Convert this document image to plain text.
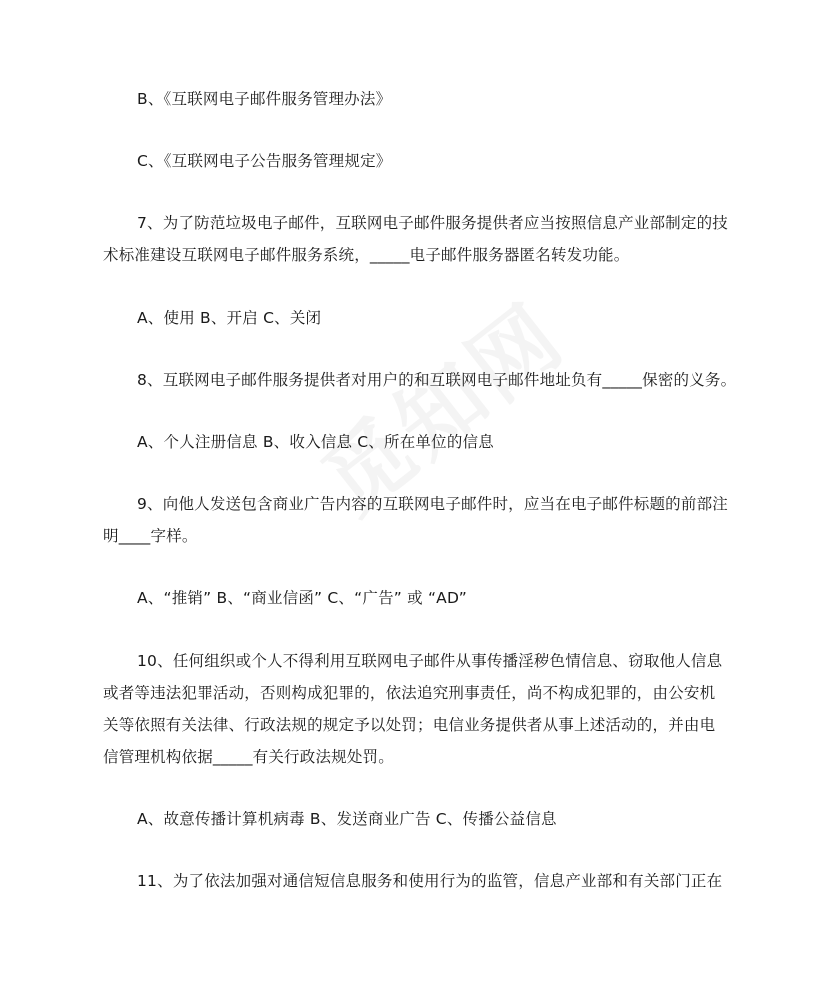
B、《互联网电子邮件服务管理办法》
C、《互联网电子公告服务管理规定》
7、为了防范垃圾电子邮件，互联网电子邮件服务提供者应当按照信息产业部制定的技
术标准建设互联网电子邮件服务系统，_____电子邮件服务器匿名转发功能。
A、使用 B、开启 C、关闭
8、互联网电子邮件服务提供者对用户的和互联网电子邮件地址负有_____保密的义务。
A、个人注册信息 B、收入信息 C、所在单位的信息
9、向他人发送包含商业广告内容的互联网电子邮件时，应当在电子邮件标题的前部注
明____字样。
A、“推销” B、“商业信函” C、“广告” 或 “AD”
10、任何组织或个人不得利用互联网电子邮件从事传播淫秽色情信息、窃取他人信息
或者等违法犯罪活动，否则构成犯罪的，依法追究刑事责任，尚不构成犯罪的，由公安机
关等依照有关法律、行政法规的规定予以处罚；电信业务提供者从事上述活动的，并由电
信管理机构依据_____有关行政法规处罚。
A、故意传播计算机病毒 B、发送商业广告 C、传播公益信息
11、为了依法加强对通信短信息服务和使用行为的监管，信息产业部和有关部门正在
